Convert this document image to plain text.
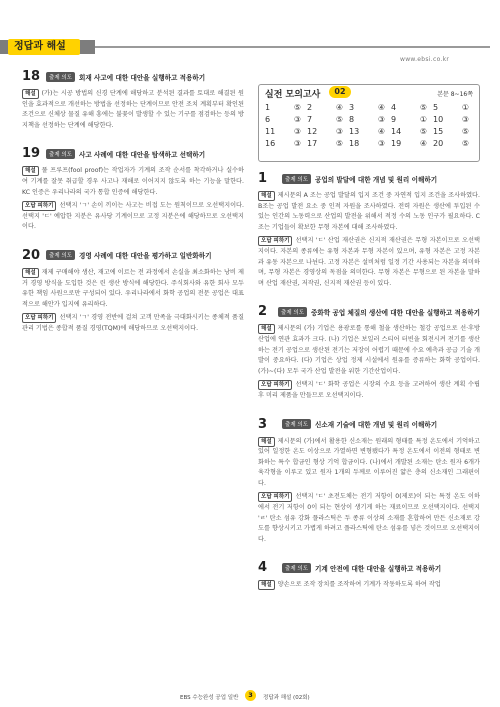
정답과 해설
www.ebsi.co.kr
18	출제 의도	회재 사고에 대한 대안을 실행하고 적용하기

해설 (가)는 시공 방법의 신경 단계에 해당하고 분석된 결과를 토대로 해결된 원인을 효과적으로 개선하는 방법을 선정하는 단계이므로 안전 조치 계획부터 확인된 조건으로 신체상 물질 유해 흥에는 불꽃이 발생할 수 있는 기구를 점검하는 등의 방지책을 선정하는 단계에 해당한다.

19	출제 의도	사고 사례에 대한 대안을 탐색하고 선택하기

해설 풀 프루프(fool proof)는 작업자가 기계의 조작 순서를 착각하거나 실수하여 기계를 잘못 취급할 경우 사고나 재해로 이어지지 않도록 하는 기능을 말한다. KC 인증은 우리나라의 국가 통합 인증에 해당한다.

오답 피하기 선택지 'ㄱ' 손이 끼이는 사고는 비접 도는 원칙이므로 오선택지이다. 선택지 'ㄷ' 예압한 지분은 유사당 기계이므로 고정 지분은에 해당하므로 오선택지이다.

20	출제 의도	경영 사례에 대한 대안을 평가하고 일반화하기

해설 재제 구매해야 생산, 재고에 이르는 전 과정에서 손실을 최소화하는 낭비 제거 경영 방식을 도입한 것은 린 생산 방식에 해당한다. 주식회사와 유한 회사 모두 유한 책임 사원으로만 구성되어 있다. 우리나라에서 화학 공업의 전문 공업은 대표적으로 해안가 입지에 유리하다.

오답 피하기 선택지 'ㄱ' 경영 전반에 걸쳐 고객 만족을 극대화시키는 종체적 품질 관리 기법은 종합적 품질 경영(TQM)에 해당하므로 오선택지이다.

실전 모의고사	02	본문 8~16쪽
1	⑤ 2	④ 3	④ 4	⑤ 5	①
6	③ 7	⑤ 8	③ 9	① 10 ③
11 ③ 12 ③ 13 ④ 14 ⑤ 15 ⑤
16 ③ 17 ⑤ 18 ③ 19 ④ 20 ⑤
1	출제 의도	공업의 발달에 대한 개념 및 원리 이해하기

해설 제시문의 A 조는 공업 발달의 입지 조건 중 자연적 입지 조건을 조사하였다. B조는 공업 발전 요소 중 인적 자원을 조사하였다. 전력 자원은 생산에 투입된 수 있는 인간의 노동력으로 산업의 발전을 위해서 적정 수의 노동 인구가 필요하다. C조는 기업들이 확보한 무형 자본에 대해 조사하였다.

오답 피하기 선택지 'ㄷ' 산업 재산권은 신지적 재산권은 무형 자본이므로 오선택지이다. 자본의 종류에는 유형 자본과 무형 자본이 있으며, 유형 자본은 고정 자본과 유동 자본으로 나뉜다. 고정 자본은 설비처럼 일정 기간 사용되는 자본을 의미하며, 무형 자본은 경영상의 독점을 의미한다. 무형 자본은 무형으로 된 자본을 말하며 산업 재산권, 저작권, 신지적 재산권 등이 있다.

2	출제 의도	중화학 공업 체질의 생산에 대한 대안을 실행하고 적용하기

해설 제시문의 (가) 기업은 용광로를 통해 철을 생산하는 철강 공업으로 선·후방 산업에 연관 효과가 크다. (나) 기업은 보일러 스티어 터빈을 회전시켜 전기를 생산하는 전기 공업으로 생산된 전기는 저장이 어렵기 때문에 수요 예측과 공급 기술 개발이 중요하다. (다) 기업은 상업 정제 시설에서 원유를 증류하는 화학 공업이다. (가)~(다) 모두 국가 산업 발전을 위한 기간산업이다.

오답 피하기 선택지 'ㄷ' 화학 공업은 시장의 수요 등을 고려하여 생산 계획 수립 후 미리 제품을 만들므로 오선택지이다.

3	출제 의도	신소재 기술에 대한 개념 및 원리 이해하기

해설 제시문의 (가)에서 활용한 신소재는 원래의 형태를 특정 온도에서 기억하고 있어 일정한 온도 이상으로 가열하면 변형됐다가 특정 온도에서 이전의 형태로 변화하는 특수 합금인 형상 기억 합금이다. (나)에서 개발된 소재는 탄소 원자 6개가 육각형을 이루고 있고 원자 1개의 두께로 이루어진 얇은 층의 신소재인 그래핀이다.

오답 피하기 선택지 'ㄷ' 초전도체는 전기 저항이 0(제로)이 되는 특정 온도 이하에서 전기 저항이 0이 되는 현상이 생기게 하는 재료이므로 오선택지이다. 선택지 'ㄹ' 탄소 섬유 강화 플라스틱은 두 종류 이상의 소재를 혼합하여 만든 신소재로 강도를 향상시키고 가볍게 하려고 플라스틱에 탄소 섬유를 넣은 것이므로 오선택지이다.

4	출제 의도	기계 안전에 대한 대안을 실행하고 적용하기

해설 양손으로 조작 장치를 조작하여 기계가 작동하도록 하여 작업

EBS 수능완성 공업 일반	3	정답과 해설 (02회)
